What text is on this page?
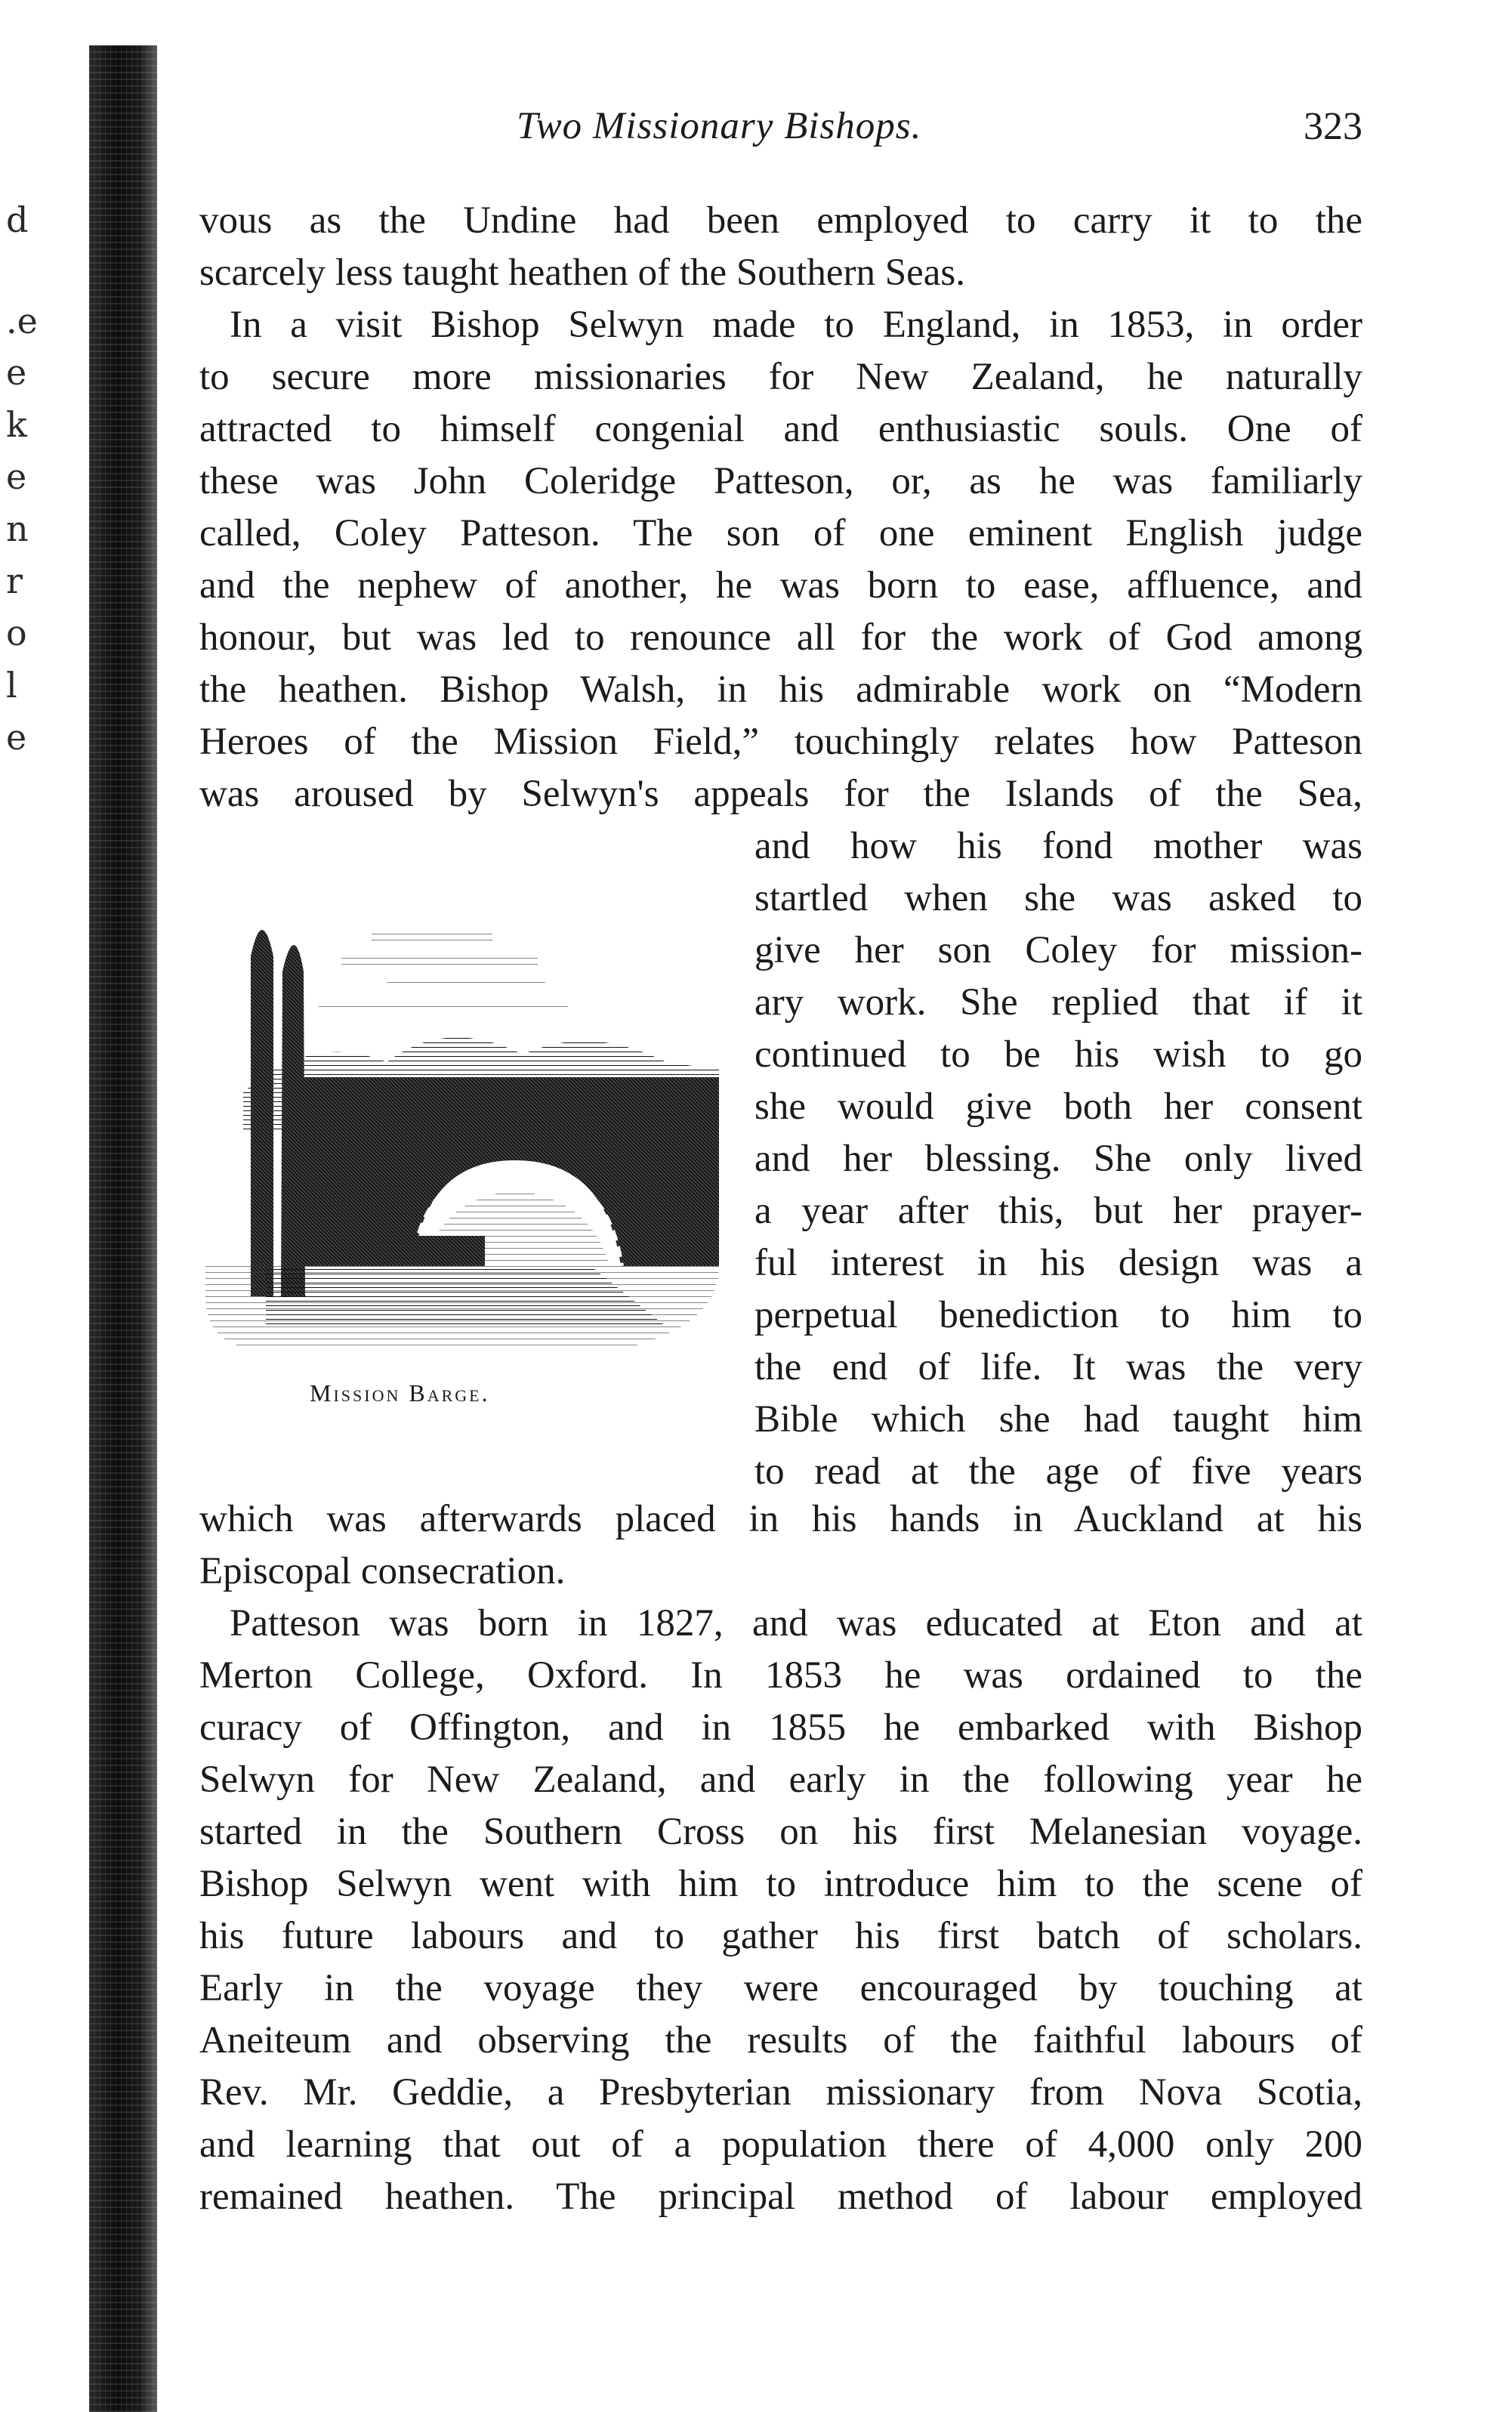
d
.e
e
k
e
n
r
o
l
e
Two Missionary Bishops.	323
vous as the Undine had been employed to carry it to the
scarcely less taught heathen of the Southern Seas.
In a visit Bishop Selwyn made to England, in 1853, in order
to secure more missionaries for New Zealand, he naturally
attracted to himself congenial and enthusiastic souls. One of
these was John Coleridge Patteson, or, as he was familiarly
called, Coley Patteson. The son of one eminent English judge
and the nephew of another, he was born to ease, affluence, and
honour, but was led to renounce all for the work of God among
the heathen. Bishop Walsh, in his admirable work on “Modern
Heroes of the Mission Field,” touchingly relates how Patteson
was aroused by Selwyn's appeals for the Islands of the Sea,
and how his fond mother was
startled when she was asked to
give her son Coley for mission-
ary work. She replied that if it
continued to be his wish to go
she would give both her consent
and her blessing. She only lived
a year after this, but her prayer-
ful interest in his design was a
perpetual benediction to him to
the end of life. It was the very
Bible which she had taught him
to read at the age of five years
which was afterwards placed in his hands in Auckland at his
Episcopal consecration.
Patteson was born in 1827, and was educated at Eton and at
Merton College, Oxford. In 1853 he was ordained to the
curacy of Offington, and in 1855 he embarked with Bishop
Selwyn for New Zealand, and early in the following year he
started in the Southern Cross on his first Melanesian voyage.
Bishop Selwyn went with him to introduce him to the scene of
his future labours and to gather his first batch of scholars.
Early in the voyage they were encouraged by touching at
Aneiteum and observing the results of the faithful labours of
Rev. Mr. Geddie, a Presbyterian missionary from Nova Scotia,
and learning that out of a population there of 4,000 only 200
remained heathen. The principal method of labour employed
Mission Barge.
